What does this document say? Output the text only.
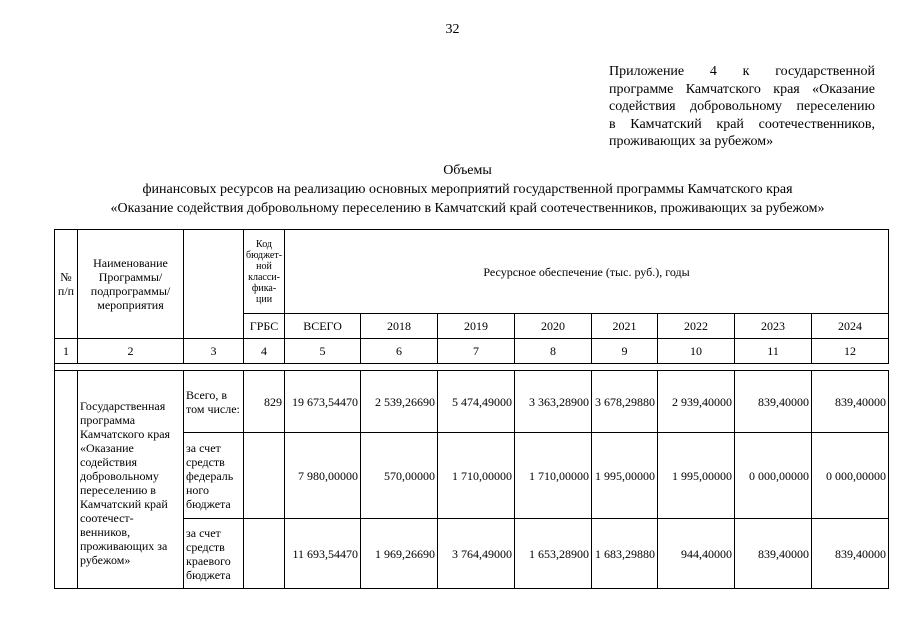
32
Приложение 4 к государственной
программе Камчатского края «Оказание
содействия добровольному переселению
в Камчатский край соотечественников,
проживающих за рубежом»
Объемы
финансовых ресурсов на реализацию основных мероприятий государственной программы Камчатского края
«Оказание содействия добровольному переселению в Камчатский край соотечественников, проживающих за рубежом»
№ п/п	Наименование Программы/ подпрограммы/ мероприятия		Код бюджет-ной класси-фика-ции	Ресурсное обеспечение (тыс. руб.), годы							
			ГРБС	ВСЕГО	2018	2019	2020	2021	2022	2023	2024
1	2	3	4	5	6	7	8	9	10	11	12

	Государственная программа Камчатского края «Оказание содействия добровольному переселению в Камчатский край соотечест-венников, проживающих за рубежом»	Всего, в том числе:	829	19 673,54470	2 539,26690	5 474,49000	3 363,28900	3 678,29880	2 939,40000	839,40000	839,40000
		за счет средств федераль ного бюджета		7 980,00000	570,00000	1 710,00000	1 710,00000	1 995,00000	1 995,00000	0 000,00000	0 000,00000
		за счет средств краевого бюджета		11 693,54470	1 969,26690	3 764,49000	1 653,28900	1 683,29880	944,40000	839,40000	839,40000
